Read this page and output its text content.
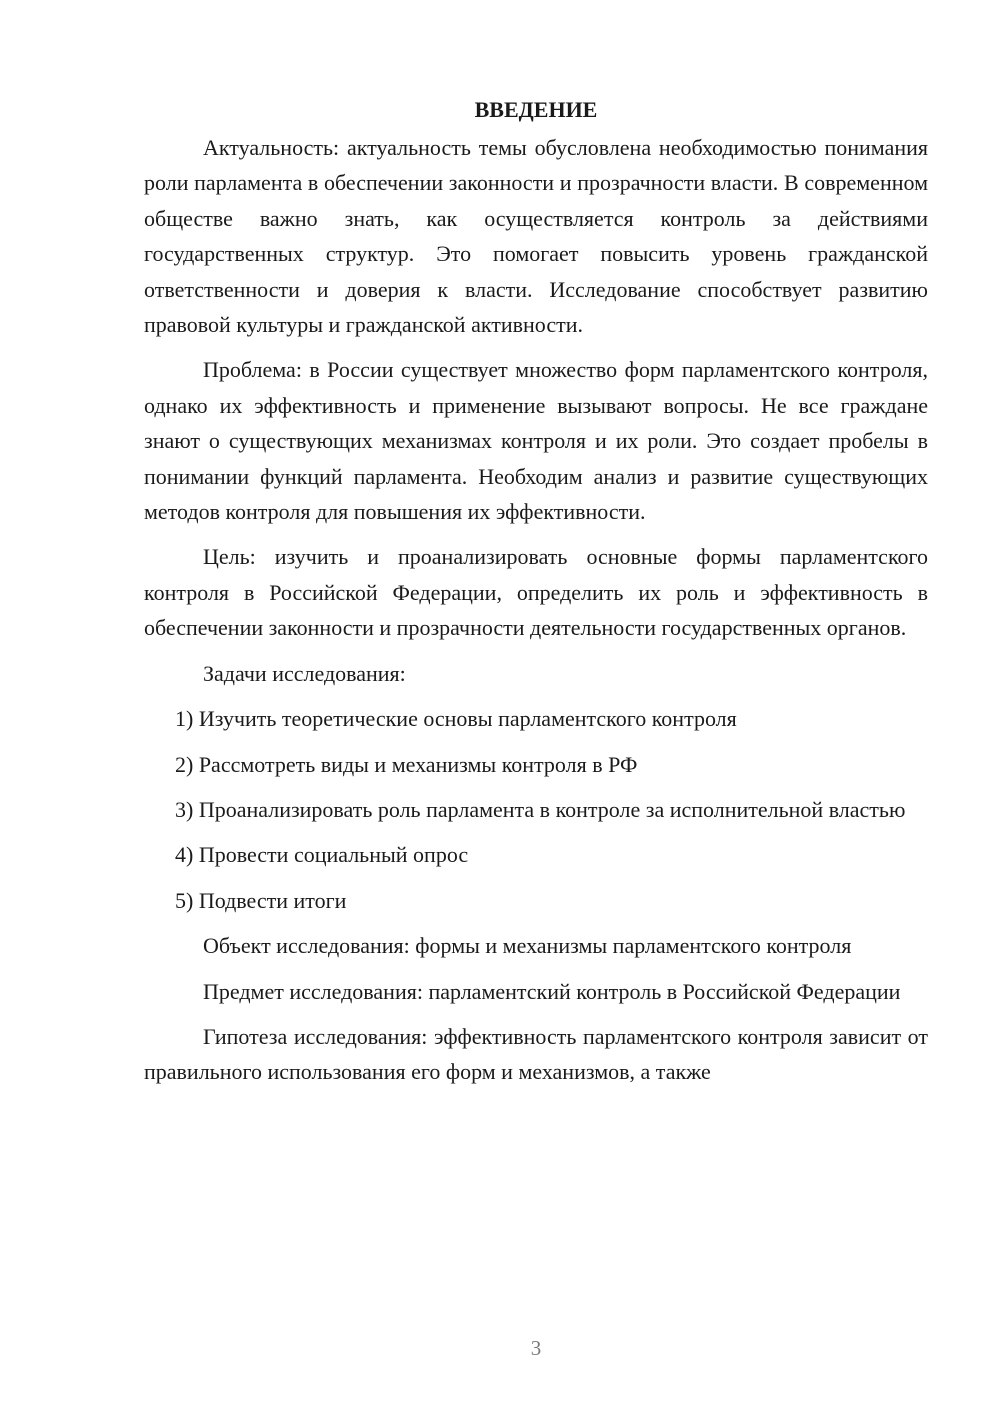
ВВЕДЕНИЕ

Актуальность: актуальность темы обусловлена необходимостью понимания роли парламента в обеспечении законности и прозрачности власти. В современном обществе важно знать, как осуществляется контроль за действиями государственных структур. Это помогает повысить уровень гражданской ответственности и доверия к власти. Исследование способствует развитию правовой культуры и гражданской активности.

Проблема: в России существует множество форм парламентского контроля, однако их эффективность и применение вызывают вопросы. Не все граждане знают о существующих механизмах контроля и их роли. Это создает пробелы в понимании функций парламента. Необходим анализ и развитие существующих методов контроля для повышения их эффективности.

Цель: изучить и проанализировать основные формы парламентского контроля в Российской Федерации, определить их роль и эффективность в обеспечении законности и прозрачности деятельности государственных органов.

Задачи исследования:

1) Изучить теоретические основы парламентского контроля

2) Рассмотреть виды и механизмы контроля в РФ

3) Проанализировать роль парламента в контроле за исполнительной властью

4) Провести социальный опрос

5) Подвести итоги

Объект исследования: формы и механизмы парламентского контроля

Предмет исследования: парламентский контроль в Российской Федерации

Гипотеза исследования: эффективность парламентского контроля зависит от правильного использования его форм и механизмов, а также

3
